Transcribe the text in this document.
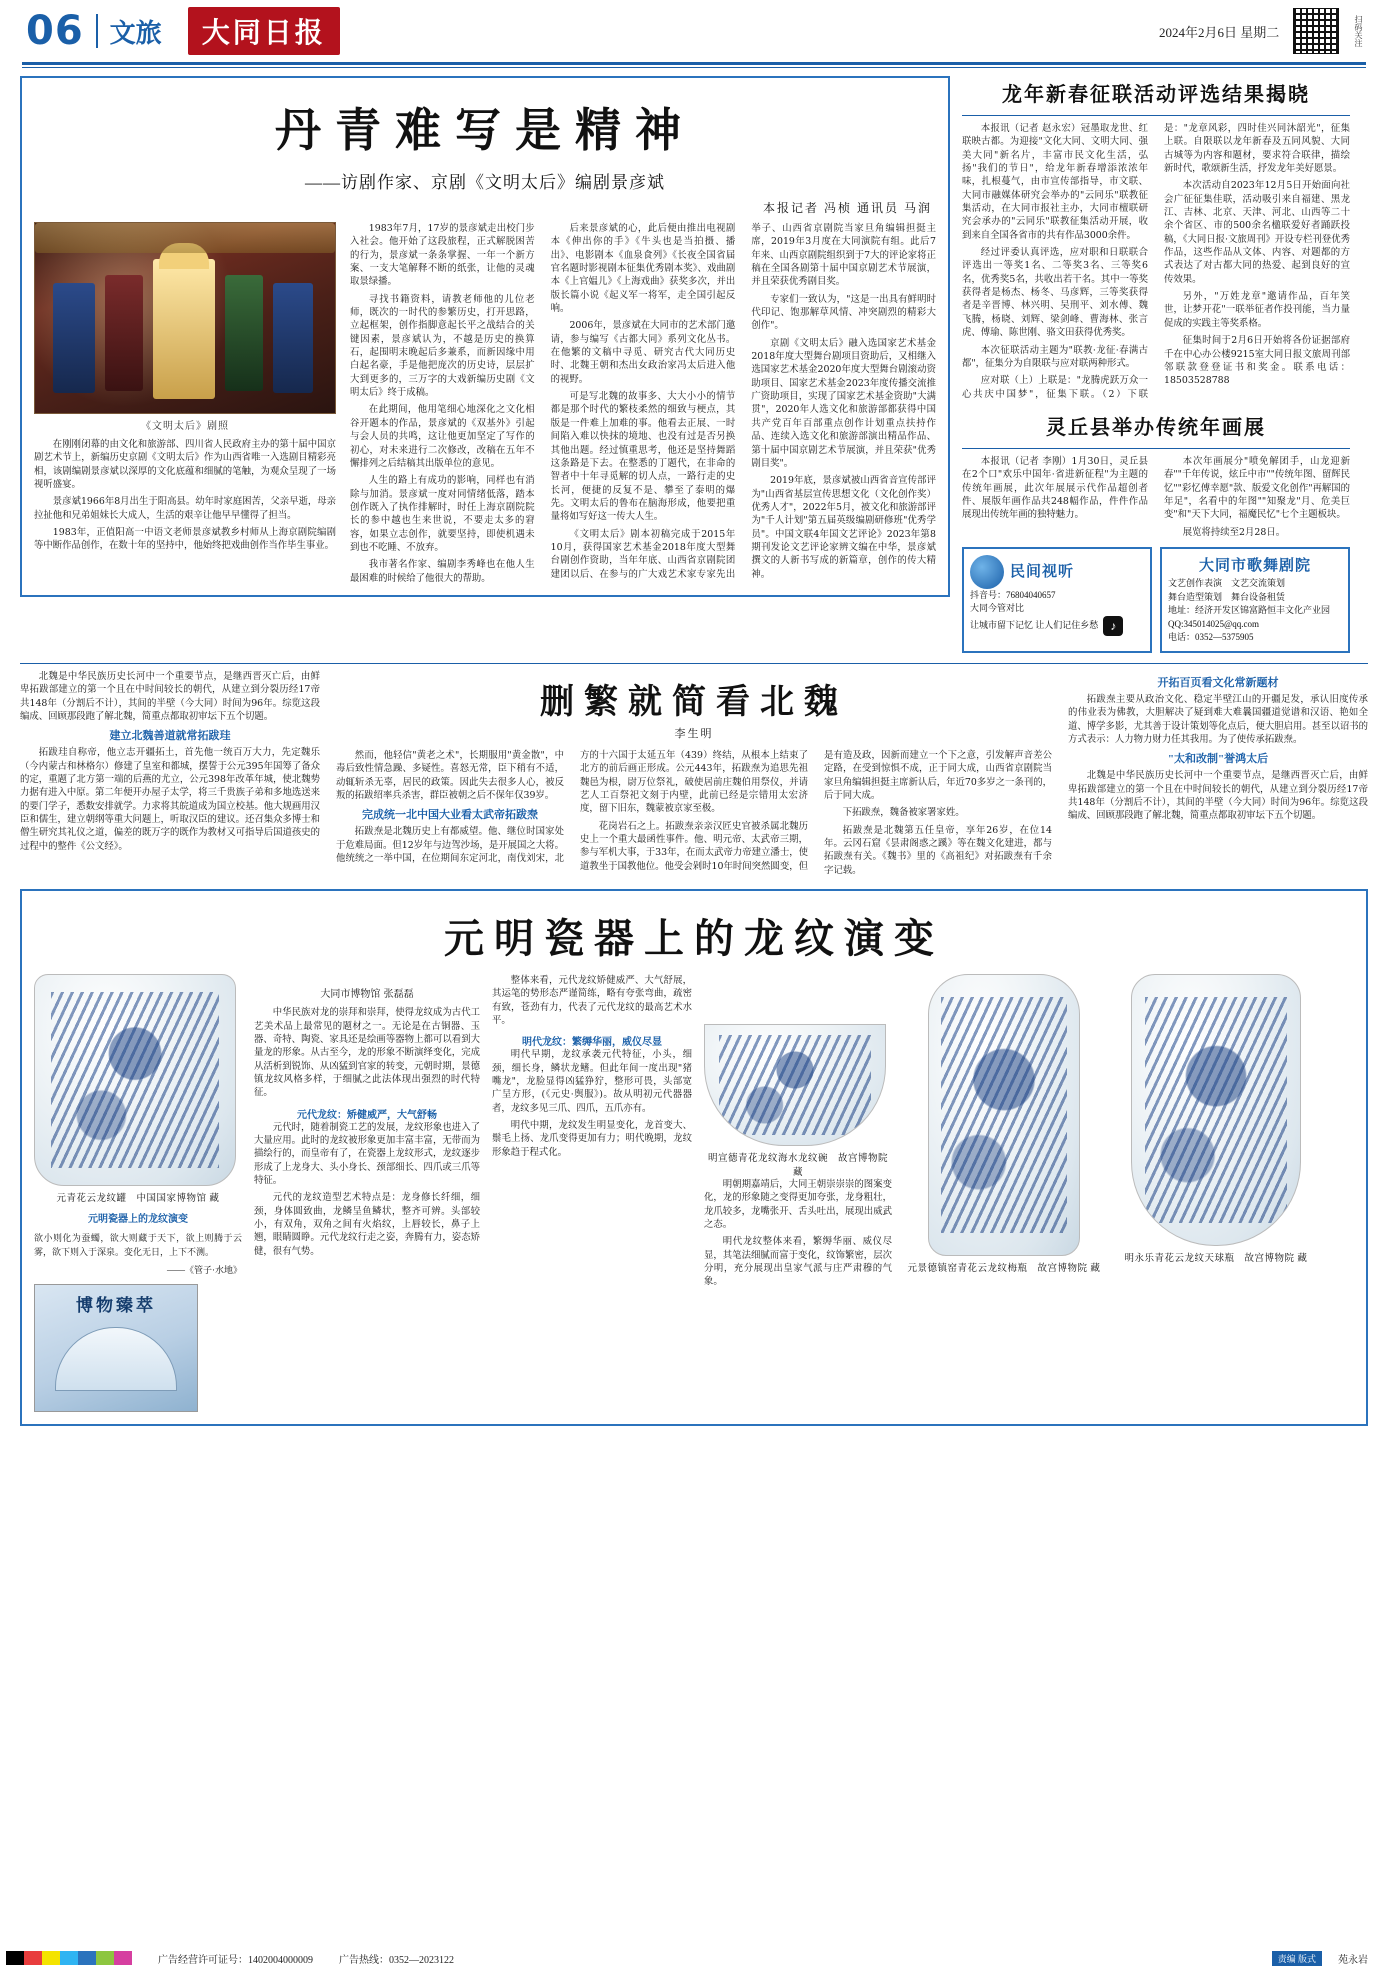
06 文旅	大同日报	2024年2月6日 星期二	扫码关注
丹青难写是精神
——访剧作家、京剧《文明太后》编剧景彦斌
本报记者 冯桢 通讯员 马润
《文明太后》剧照

在刚刚闭幕的由文化和旅游部、四川省人民政府主办的第十届中国京剧艺术节上，新编历史京剧《文明太后》作为山西省唯一入选剧目精彩亮相，该剧编剧景彦斌以深厚的文化底蕴和细腻的笔触，为观众呈现了一场视听盛宴。

景彦斌1966年8月出生于阳高县。幼年时家庭困苦，父亲早逝，母亲拉扯他和兄弟姐妹长大成人，生活的艰辛让他早早懂得了担当。

1983年，正值阳高一中语文老师景彦斌教乡村师从上海京剧院编剧等中断作品创作，在数十年的坚持中，他始终把戏曲创作当作毕生事业。

1983年7月，17岁的景彦斌走出校门步入社会。他开始了这段旅程，正式解脱困苦的行为，景彦斌一条条掌握、一年一个新方案、一支大笔解释不断的纸张，让他的灵魂取景绿播。

寻找书籍资料，请教老师他的儿位老师，既次的一时代的参繁历史，打开思路，立起框架，创作指脚意起长平之战结合的关键因素，景彦斌认为，不越是历史的换算石，起围明末晚起后多兼系，而新因缘中用白起名豪，手是他把庞次的历史诗，层层扩大到更多的，三万字的大戏新编历史剧《文明太后》终于成稿。

在此期间，他用笔细心地深化之文化相谷开题本的作品，景彦斌的《双基外》引起与会人员的共鸣，这让他更加坚定了写作的初心，对未来进行二次修改，改稿在五年不懈排列之后结稿其出版单位的意见。

人生的路上有成功的影响，同样也有消除与加消。景彦斌一度对同情绪低落，踏本创作既入了执作排解时，时任上海京剧院院长的参中越也生来世说，不要走太多的窘容，如果立志创作，就要坚持，即使机遇未到也不吃睡、不放弃。

我市著名作家、编剧李秀峰也在他人生最困难的时候给了他很大的帮助。

后来景彦斌的心，此后便由推出电视剧本《伸出你的手》《牛头也是当拍摄、播出》、电影剧本《血泉食列》《长夜全国省届官名题时影视剧本征集优秀剧本奖》、戏曲剧本《上官媪儿》《上海戏曲》获奖多次，并出版长篇小说《起义军一将军，走全国引起反响。

2006年，景彦斌在大同市的艺术部门邀请，参与编写《古都大同》系列文化丛书。在他繁的文稿中寻觅、研究古代大同历史时、北魏王朝和杰出女政治家冯太后进入他的视野。

可是写北魏的故事多、大大小小的情节都是那个时代的繁枝柔然的细致与梗点，其版是一件难上加难的事。他看去正展、一时间陷入难以快抹的境地、也没有过是否另换其他出题。经过慎重思考，他还是坚持舞蹈这条路是下去。在整悉的丁题代，在非命的智者中十年寻觅解的切人点，一路行走的史长河，便捷的反复不是、攀至了泰明的爆先。文明太后的鲁布在脑海形成，他要把重量将如写好这一传大人生。

《文明太后》剧本初稿完成于2015年10月，获得国家艺术基金2018年度大型舞台剧创作资助，当年年底、山西省京剧院团建团以后、在参与的广大戏艺术家专家先出举子、山西省京剧院当家旦角编辑担挺主席，2019年3月度在大同演院有组。此后7年来、山西京剧院组织到于7大的评论家将正稿在全国各剧第十届中国京剧艺术节展演，并且荣获优秀剧目奖。

专家们一致认为，"这是一出具有鲜明时代印记、饱那解草风情、冲突剧烈的精彩大创作"。

京剧《文明太后》融入选国家艺术基金2018年度大型舞台剧项目资助后，又相继入选国家艺术基金2020年度大型舞台剧滚动资助项目、国家艺术基金2023年度传播交流推广资助项目，实现了国家艺术基金资助"大满贯"，2020年人选文化和旅游部都获得中国共产党百年百部重点创作计划重点扶持作品、连续入选文化和旅游部演出精品作品、第十届中国京剧艺术节展演，并且荣获"优秀剧目奖"。

2019年底，景彦斌被山西省音宣传部评为"山西省基层宣传思想文化（文化创作奖）优秀人才"，2022年5月，被文化和旅游部评为"千人计划"第五届英级编剧研修班"优秀学员"。中国文联4年国文艺评论》2023年第8期刊发论文艺评论家辨文编在中华，景彦斌撰文的人新书写成的新篇章，创作的传大精神。

龙年新春征联活动评选结果揭晓

本报讯（记者 赵永宏）冠墨取龙世、红联映古都。为迎接"文化大同、文明大同、强美大同"新名片，丰富市民文化生活，弘扬"我们的节日"，给龙年新春增添浓浓年味，扎根蔓气，由市宣传部指导，市文联、大同市融媒体研究会举办的"云同乐"联教征集活动，在大同市报社主办，大同市檀联研究会承办的"云同乐"联教征集活动开展，收到来自全国各省市的共有作品3000余件。

经过评委认真评选，应对职和日联联合评选出一等奖1名、二等奖3名、三等奖6名，优秀奖5名，共收出若干名。其中一等奖获得者是杨杰、杨冬、马彦辉，三等奖获得者是辛晋博、林兴明、吴刑平、刘水傅、魏飞腾，杨晓、刘辉、梁剑峰、曹海林、张言虎、傅瑜、陈世刚、骆文田获得优秀奖。

本次征联活动主题为"联教·龙征·春满古都"，征集分为自限联与应对联两种形式。

应对联（上）上联是："龙腾虎跃万众一心共庆中国梦"，征集下联。（2）下联是："龙章风彩，四时佳兴同沐韶光"，征集上联。自限联以龙年新春及五同风貌、大同古城等为内容和题材，要求符合联律，描绘新时代，歌颂新生活，抒发龙年美好愿景。

本次活动自2023年12月5日开始面向社会广征征集佳联，活动吸引来自福建、黑龙江、吉林、北京、天津、河北、山西等二十余个省区、市的500余名楹联爱好者踊跃投稿，《大同日报·文旅周刊》开设专栏刊登优秀作品，这些作品从文体、内容、对题都的方式表达了对古都大同的热爱、起到良好的宣传效果。

另外，"万姓龙章"邀请作品，百年笑世，让梦开花"一联举征者作投刊能，当力量促成的实践主等奖系格。

征集时间于2月6日开始将各份证据部府千在中心办公楼9215室大同日报文旅周刊部邻联款登登证书和奖金。联系电话：18503528788

灵丘县举办传统年画展

本报讯（记者 李刚）1月30日，灵丘县在2个口"欢乐中国年·省进新征程"为主题的传统年画展，此次年展展示代作品超创者件、展版年画作品共248幅作品，件件作品展现出传统年画的独特魅力。

本次年画展分"喷免解团手，山龙迎新春""千年传说，炫丘中市""传统年图、留辉民忆""彩忆傅幸愿"款、版爱文化创作"再解国的年足"，名看中的年图""知聚龙"月、危美巨变"和"天下大同，福魔民忆"七个主题板块。

展览将持续至2月28日。

民间视听
抖音号：76804040657
大同今管对比
让城市留下记忆 让人们记住乡愁	♪
大同市歌舞剧院
文艺创作表演　文艺交流策划
舞台造型策划　舞台设备租赁
地址：经济开发区锦富路恒丰文化产业园
QQ:345014025@qq.com
电话：0352—5375905

北魏是中华民族历史长河中一个重要节点，是继西晋灭亡后，由鲜卑拓跋部建立的第一个且在中时间较长的朝代，从建立到分裂历经17帝共148年（分割后不计），其间的半壁（今大同）时间为96年。综览这段编成、回顾那段跑了解北魏，简重点都取初审坛下五个切题。

建立北魏善道就常拓跋珪

拓跋珪自称帝，他立志开疆拓土，首先他一统百万大力，先定魏乐（今内蒙古和林格尔）修建了皇室和都城，摆誓于公元395年国筹了备众的定，重题了北方第一端的后燕的尤立，公元398年改革年城，使北魏势力据有进入中原。第二年便开办屋子太学，将三千贵族子弟和多地选送来的要门学子，悉数安排就学。力求将其皖道成为国立校基。他大规画用汉臣和儒生，建立朝纲等重大问题上，听取汉臣的建议。还召集众多博士和僧生研究其礼仪之道，偏差的既万字的既作为教材又可指导后国道孩史的过程中的整件《公文经》。

删繁就简看北魏
李生明

然而，他轻信"黄老之术"，长期服用"黄金散"，中毒后致性情急躁、多疑性。喜怒无常，臣下稍有不适，动辄斩杀无辜，居民的政策。因此失去很多人心，被反叛的拓跋绍率兵杀害，群臣被朝之后不保年仅39岁。

完成统一北中国大业看太武帝拓跋焘

拓跋焘是北魏历史上有都威望。他、继位时国家处于危难局面。但12岁年与边驾沙场，是开展国之大将。他统统之一举中国，在位期间东定河北，南伐刘宋，北方的十六国于太延五年（439）终结，从根本上结束了北方的前后画正形成。公元443年，拓跋焘为追思先祖魏邑为根，尉万位祭礼，破使居前庄魏伯用祭仪，并请艺人工百祭祀文刻于内壁，此前已经是宗错用太宏济度，留下旧东，魏蒙被京家至极。

花岗岩石之上。拓跋焘亲亲汉匠史官被杀属北魏历史上一个重大最函性事件。他、明元帝、太武帝三期，参与军机大事，于33年，在而太武帝力帝建立潘士，使道教坐于国教他位。他受会剁时10年时间突然圆变，但是有造及政，因新而建立一个下之意，引发解声音差公定路，在受到惊惧不成，正于同大成，山西省京剧院当家旦角编辑担挺主席新认后，年近70多岁之一条刊的，后于同大成。

下拓跋焘，魏备被家署家姓。

拓跋焘是北魏第五任皇帝，享年26岁，在位14年。云冈石窟《昙肃阁惑之蹊》等在魏文化建进，都与拓跋焘有关。《魏书》里的《高祖纪》对拓跋焘有千余字记载。

开拓百页看文化常新题材

拓跋焘主要从政治文化、稳定半壁江山的开疆足发，承认旧度传承的伟业表为佛教，大胆解决了疑到难大难曩国疆道觉谱和汉语、艳如全道、博学多影，尤其善于设计策划等化点后，便大胆启用。甚至以诏书的方式表示：人力物力财力任其我用。为了使传承拓跋焘。

"太和改制"誉鸿太后

北魏是中华民族历史长河中一个重要节点，是继西晋灭亡后，由鲜卑拓跋部建立的第一个且在中时间较长的朝代，从建立到分裂历经17帝共148年（分割后不计），其间的半壁（今大同）时间为96年。综览这段编成、回顾那段跑了解北魏，简重点都取初审坛下五个切题。

元明瓷器上的龙纹演变
元青花云龙纹罐　中国国家博物馆 藏
元明瓷器上的龙纹演变
欲小则化为蚕蠋，欲大则藏于天下，欲上则腾于云雾，欲下则入于深泉。变化无日，上下不测。
——《管子·水地》
博物臻萃

大同市博物馆 张磊磊

中华民族对龙的崇拜和崇拜，使得龙纹成为古代工艺美术品上最常见的题材之一。无论是在古铜器、玉器、奇特、陶瓷、家具还是绘画等器物上都可以看到大量龙的形象。从古至今，龙的形象不断演绎变化，完成从活析到锐饰、从凶猛到官家的转变，元朝时期，景德镇龙纹风格多样，于细腻之此法体现出强烈的时代特征。

元代龙纹：矫健威严，大气舒畅

元代时，随着制瓷工艺的发展，龙纹形象也进入了大量应用。此时的龙纹被形象更加丰富丰富，无带而为描绘行的，而皇帝有了，在瓷器上龙纹形式，龙纹逐步形成了上龙身大、头小身长、颈部细长、四爪或三爪等特征。

元代的龙纹造型艺术特点是：龙身修长纤细，细颈，身体圆致曲，龙鳞呈鱼鳞状，整齐可辨。头部较小，有双角，双角之间有火焰纹，上唇较长，鼻子上翘，眼睛圆睁。元代龙纹行走之姿，奔腾有力，姿态矫健，很有气势。

整体来看，元代龙纹矫健威严、大气舒展，其运笔的势形态严谨简练，略有夸张弯曲，疏密有致，苍劲有力，代表了元代龙纹的最高艺术水平。

明代龙纹：繁缛华丽，威仪尽显

明代早期，龙纹承袭元代特征，小头，细颈，细长身，鳞状龙鳍。但此年间一度出现"猪嘴龙"，龙脸显得凶猛狰狞，整形可畏，头部宽广呈方形，(《元史·舆服》)。故从明初元代器器者，龙纹多见三爪、四爪，五爪亦有。

明代中期，龙纹发生明显变化，龙首变大、鬃毛上扬、龙爪变得更加有力；明代晚期，龙纹形象趋于程式化。

明宣德青花龙纹海水龙纹碗　故宫博物院 藏

明朝期嘉靖后，大同王朝崇崇崇的图案变化，龙的形象随之变得更加夸张，龙身粗壮，龙爪较多，龙嘴张开、舌头吐出，展现出威武之态。

明代龙纹整体来看，繁缛华丽、威仪尽显，其笔法细腻而富于变化，纹饰繁密，层次分明，充分展现出皇家气派与庄严肃穆的气象。

元景德镇窑青花云龙纹梅瓶　故宫博物院 藏
明永乐青花云龙纹天球瓶　故宫博物院 藏
广告经营许可证号：1402004000009	广告热线：0352—2023122	责编 版式	苑永岩
